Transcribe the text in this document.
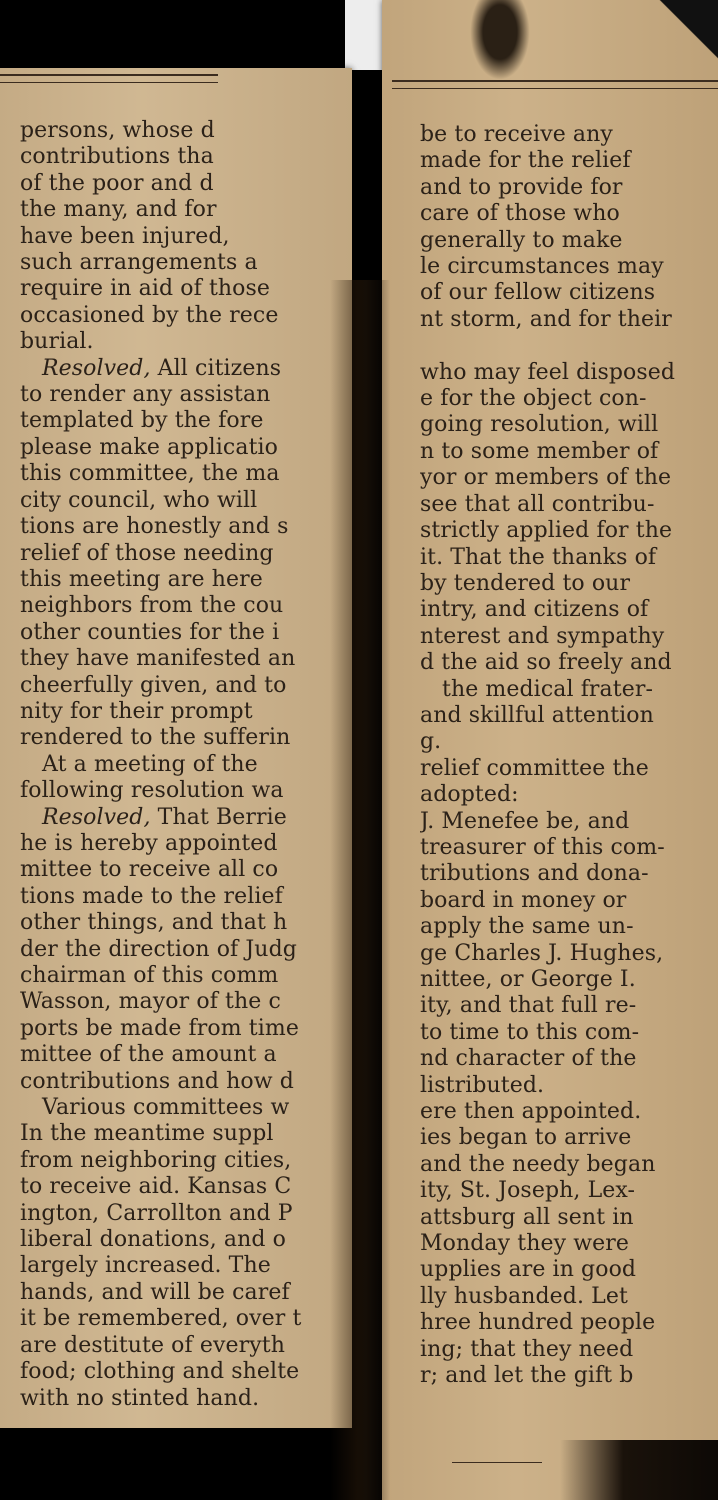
persons, whose d

contributions tha

of the poor and d

the many, and for

have been injured,

such arrangements a

require in aid of those

occasioned by the rece

burial.

Resolved, All citizens

to render any assistan

templated by the fore

please make applicatio

this committee, the ma

city council, who will

tions are honestly and s

relief of those needing

this meeting are here

neighbors from the cou

other counties for the i

they have manifested an

cheerfully given, and to

nity for their prompt

rendered to the sufferin

At a meeting of the

following resolution wa

Resolved, That Berrie

he is hereby appointed

mittee to receive all co

tions made to the relief

other things, and that h

der the direction of Judg

chairman of this comm

Wasson, mayor of the c

ports be made from time

mittee of the amount a

contributions and how d

Various committees w

In the meantime suppl

from neighboring cities,

to receive aid. Kansas C

ington, Carrollton and P

liberal donations, and o

largely increased. The

hands, and will be caref

it be remembered, over t

are destitute of everyth

food; clothing and shelte

with no stinted hand.

be to receive any

made for the relief

and to provide for

care of those who

generally to make

le circumstances may

of our fellow citizens

nt storm, and for their

who may feel disposed

e for the object con-

going resolution, will

n to some member of

yor or members of the

see that all contribu-

strictly applied for the

it. That the thanks of

by tendered to our

intry, and citizens of

nterest and sympathy

d the aid so freely and

the medical frater-

and skillful attention

g.

relief committee the

adopted:

J. Menefee be, and

treasurer of this com-

tributions and dona-

board in money or

apply the same un-

ge Charles J. Hughes,

nittee, or George I.

ity, and that full re-

to time to this com-

nd character of the

listributed.

ere then appointed.

ies began to arrive

and the needy began

ity, St. Joseph, Lex-

attsburg all sent in

Monday they were

upplies are in good

lly husbanded. Let

hree hundred people

ing; that they need

r; and let the gift b
